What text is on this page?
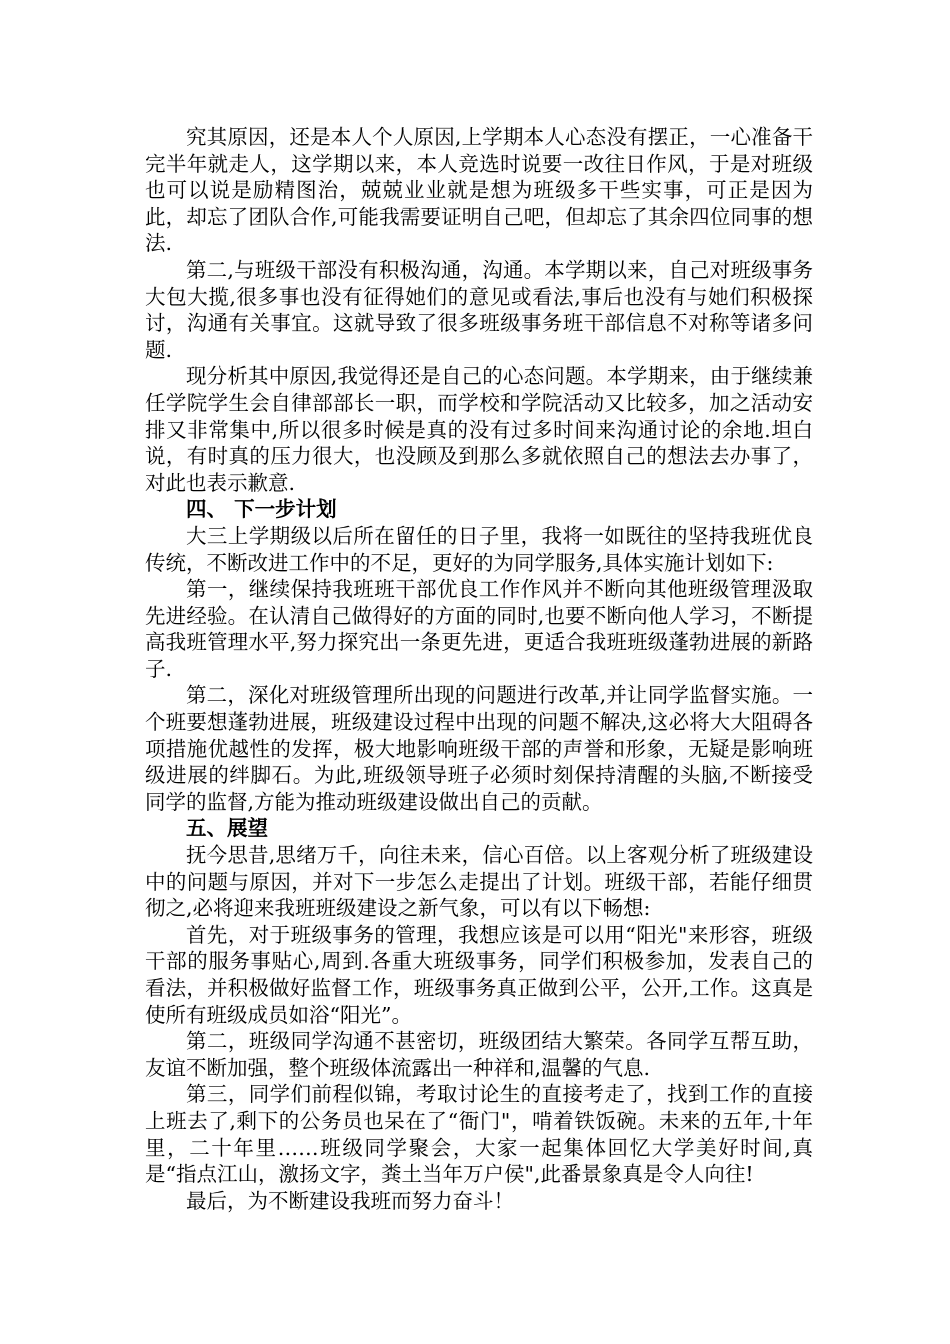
究其原因，还是本人个人原因,上学期本人心态没有摆正，一心准备干完半年就走人，这学期以来，本人竞选时说要一改往日作风，于是对班级也可以说是励精图治，兢兢业业就是想为班级多干些实事，可正是因为此，却忘了团队合作,可能我需要证明自己吧，但却忘了其余四位同事的想法.

第二,与班级干部没有积极沟通，沟通。本学期以来，自己对班级事务大包大揽,很多事也没有征得她们的意见或看法,事后也没有与她们积极探讨，沟通有关事宜。这就导致了很多班级事务班干部信息不对称等诸多问题.

现分析其中原因,我觉得还是自己的心态问题。本学期来，由于继续兼任学院学生会自律部部长一职，而学校和学院活动又比较多，加之活动安排又非常集中,所以很多时候是真的没有过多时间来沟通讨论的余地.坦白说，有时真的压力很大，也没顾及到那么多就依照自己的想法去办事了，对此也表示歉意.

四、 下一步计划

大三上学期级以后所在留任的日子里，我将一如既往的坚持我班优良传统，不断改进工作中的不足，更好的为同学服务,具体实施计划如下:

第一，继续保持我班班干部优良工作作风并不断向其他班级管理汲取先进经验。在认清自己做得好的方面的同时,也要不断向他人学习，不断提高我班管理水平,努力探究出一条更先进，更适合我班班级蓬勃进展的新路子.

第二，深化对班级管理所出现的问题进行改革,并让同学监督实施。一个班要想蓬勃进展，班级建设过程中出现的问题不解决,这必将大大阻碍各项措施优越性的发挥，极大地影响班级干部的声誉和形象，无疑是影响班级进展的绊脚石。为此,班级领导班子必须时刻保持清醒的头脑,不断接受同学的监督,方能为推动班级建设做出自己的贡献。

五、展望

抚今思昔,思绪万千，向往未来，信心百倍。以上客观分析了班级建设中的问题与原因，并对下一步怎么走提出了计划。班级干部，若能仔细贯彻之,必将迎来我班班级建设之新气象，可以有以下畅想:

首先，对于班级事务的管理，我想应该是可以用“阳光"来形容，班级干部的服务事贴心,周到.各重大班级事务，同学们积极参加，发表自己的看法，并积极做好监督工作，班级事务真正做到公平，公开,工作。这真是使所有班级成员如浴“阳光”。

第二，班级同学沟通不甚密切，班级团结大繁荣。各同学互帮互助，友谊不断加强，整个班级体流露出一种祥和,温馨的气息.

第三，同学们前程似锦，考取讨论生的直接考走了，找到工作的直接上班去了,剩下的公务员也呆在了“衙门"，啃着铁饭碗。未来的五年,十年里，二十年里……班级同学聚会，大家一起集体回忆大学美好时间,真是“指点江山，激扬文字，粪土当年万户侯",此番景象真是令人向往!

最后，为不断建设我班而努力奋斗！
